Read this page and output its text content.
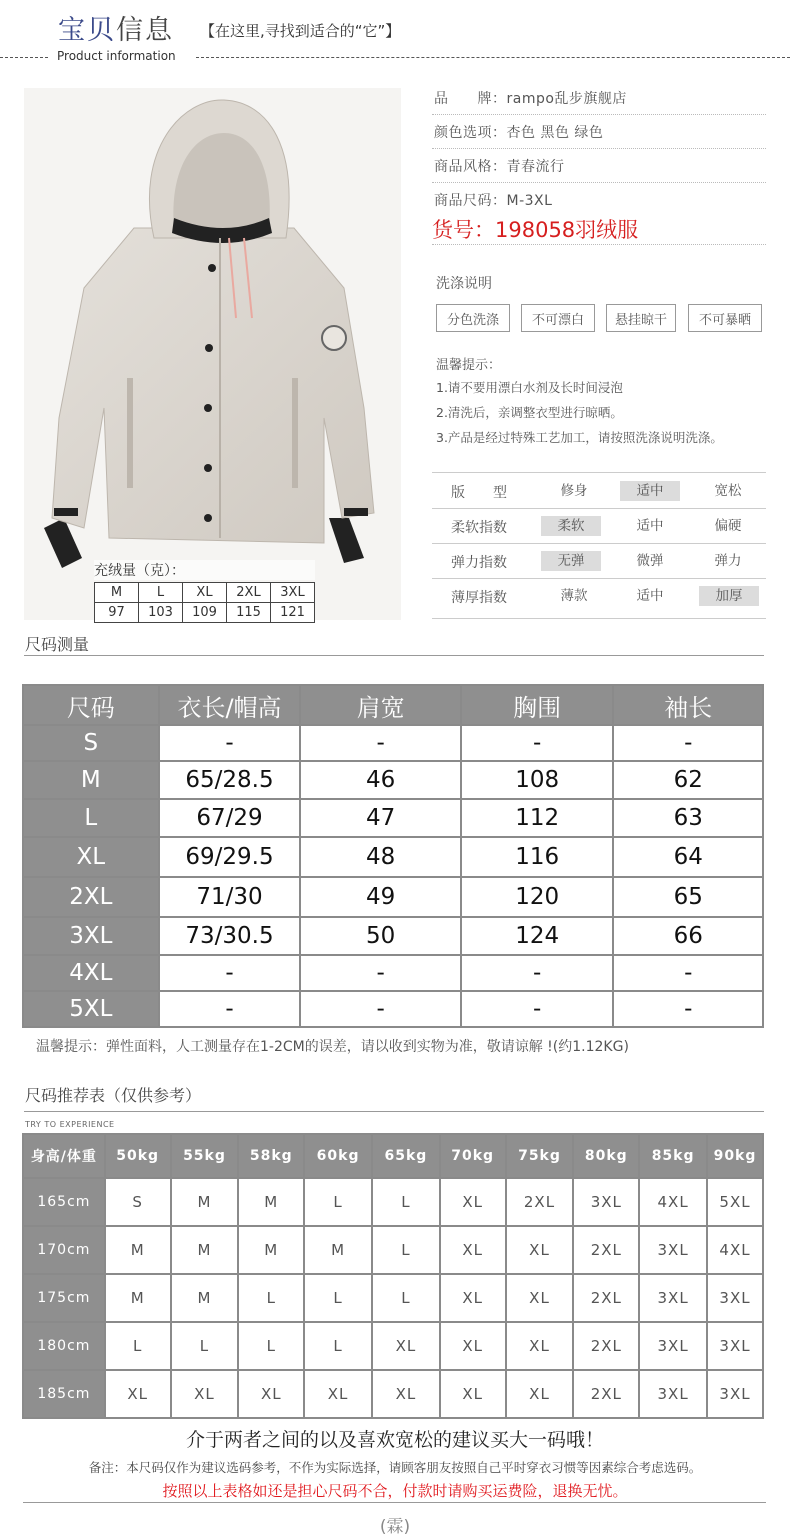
宝贝信息 【在这里,寻找到适合的“它”】
Product information
充绒量（克）：
M	L	XL	2XL	3XL
97	103	109	115	121
品　　牌：rampo乱步旗舰店
颜色选项：杏色 黑色 绿色
商品风格：青春流行
商品尺码：M-3XL
货号：198058羽绒服
洗涤说明
分色洗涤	不可漂白	悬挂晾干	不可暴晒
温馨提示：
1.请不要用漂白水剂及长时间浸泡
2.清洗后，亲调整衣型进行晾晒。
3.产品是经过特殊工艺加工，请按照洗涤说明洗涤。
版　　型	修身	适中	宽松
柔软指数	柔软	适中	偏硬
弹力指数	无弹	微弹	弹力
薄厚指数	薄款	适中	加厚
尺码测量
尺码	衣长/帽高	肩宽	胸围	袖长
S	-	-	-	-
M	65/28.5	46	108	62
L	67/29	47	112	63
XL	69/29.5	48	116	64
2XL	71/30	49	120	65
3XL	73/30.5	50	124	66
4XL	-	-	-	-
5XL	-	-	-	-
温馨提示：弹性面料，人工测量存在1-2CM的误差，请以收到实物为准，敬请谅解 !(约1.12KG)
尺码推荐表（仅供参考）
TRY TO EXPERIENCE
身高/体重	50kg	55kg	58kg	60kg	65kg	70kg	75kg	80kg	85kg	90kg
165cm	S	M	M	L	L	XL	2XL	3XL	4XL	5XL
170cm	M	M	M	M	L	XL	XL	2XL	3XL	4XL
175cm	M	M	L	L	L	XL	XL	2XL	3XL	3XL
180cm	L	L	L	L	XL	XL	XL	2XL	3XL	3XL
185cm	XL	XL	XL	XL	XL	XL	XL	2XL	3XL	3XL
介于两者之间的以及喜欢宽松的建议买大一码哦！
备注：本尺码仅作为建议选码参考，不作为实际选择，请顾客朋友按照自己平时穿衣习惯等因素综合考虑选码。
按照以上表格如还是担心尺码不合，付款时请购买运费险，退换无忧。
(霖)
